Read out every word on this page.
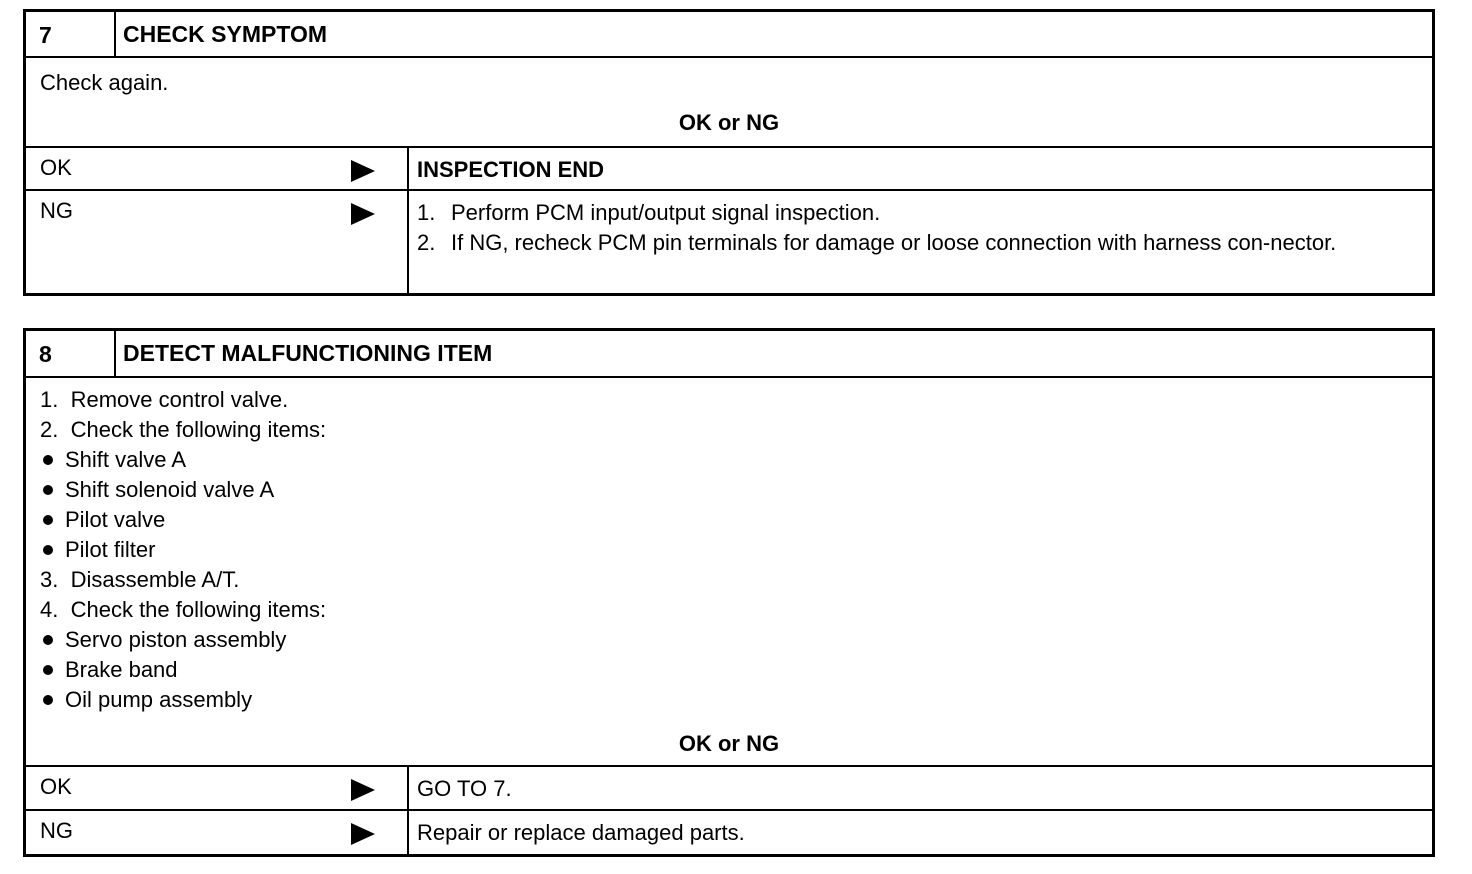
7	CHECK SYMPTOM
Check again.
OK or NG
OK	INSPECTION END
NG	1. Perform PCM input/output signal inspection.
2. If NG, recheck PCM pin terminals for damage or loose connection with harness con-nector.
8	DETECT MALFUNCTIONING ITEM
1. Remove control valve.
2. Check the following items:
Shift valve A
Shift solenoid valve A
Pilot valve
Pilot filter
3. Disassemble A/T.
4. Check the following items:
Servo piston assembly
Brake band
Oil pump assembly
OK or NG
OK	GO TO 7.
NG	Repair or replace damaged parts.
